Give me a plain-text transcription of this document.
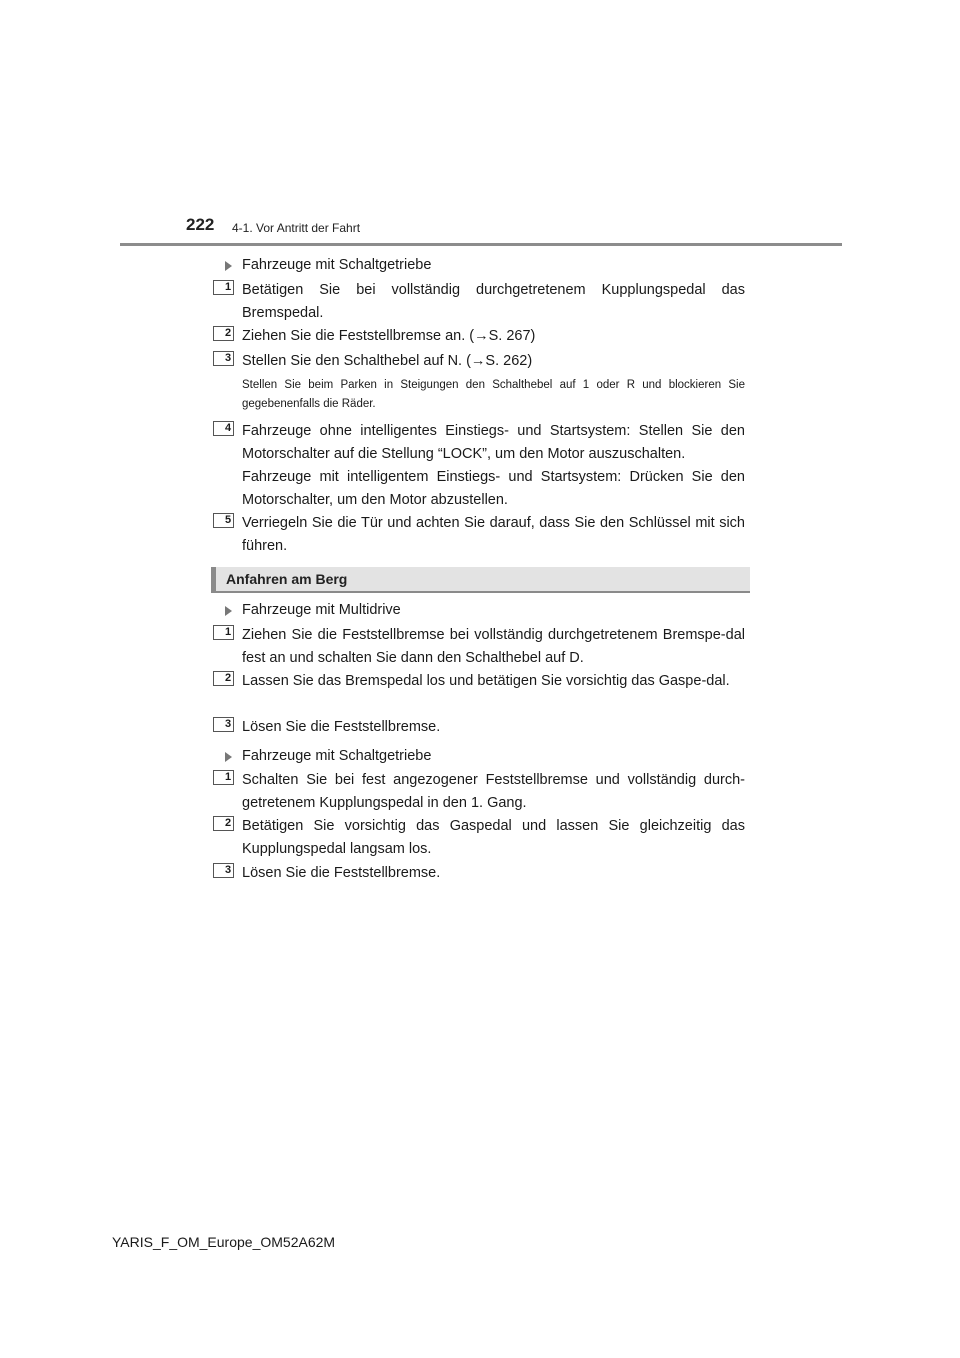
222 4-1. Vor Antritt der Fahrt
Fahrzeuge mit Schaltgetriebe
1 Betätigen Sie bei vollständig durchgetretenem Kupplungspedal das Bremspedal.
2 Ziehen Sie die Feststellbremse an. (→S. 267)
3 Stellen Sie den Schalthebel auf N. (→S. 262)
Stellen Sie beim Parken in Steigungen den Schalthebel auf 1 oder R und blockieren Sie gegebenenfalls die Räder.
4 Fahrzeuge ohne intelligentes Einstiegs- und Startsystem: Stellen Sie den Motorschalter auf die Stellung “LOCK”, um den Motor auszuschalten.
Fahrzeuge mit intelligentem Einstiegs- und Startsystem: Drücken Sie den Motorschalter, um den Motor abzustellen.
5 Verriegeln Sie die Tür und achten Sie darauf, dass Sie den Schlüssel mit sich führen.
Anfahren am Berg
Fahrzeuge mit Multidrive
1 Ziehen Sie die Feststellbremse bei vollständig durchgetretenem Bremspe-dal fest an und schalten Sie dann den Schalthebel auf D.
2 Lassen Sie das Bremspedal los und betätigen Sie vorsichtig das Gaspe-dal.
3 Lösen Sie die Feststellbremse.
Fahrzeuge mit Schaltgetriebe
1 Schalten Sie bei fest angezogener Feststellbremse und vollständig durch-getretenem Kupplungspedal in den 1. Gang.
2 Betätigen Sie vorsichtig das Gaspedal und lassen Sie gleichzeitig das Kupplungspedal langsam los.
3 Lösen Sie die Feststellbremse.
YARIS_F_OM_Europe_OM52A62M
